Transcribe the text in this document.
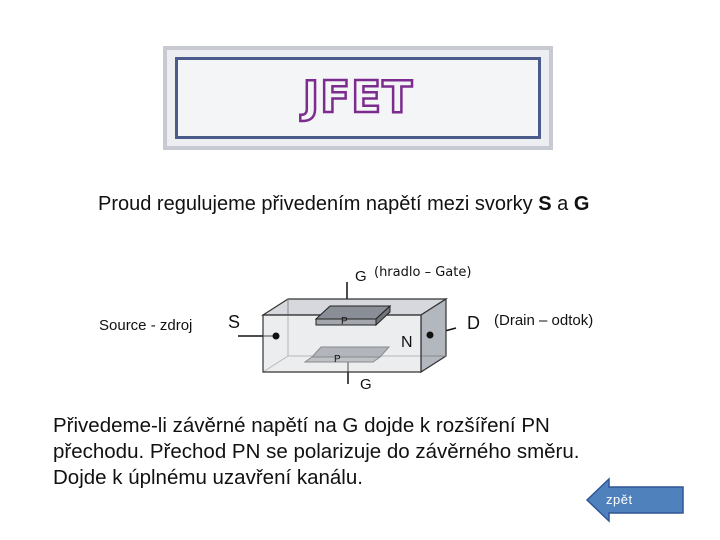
JFET
Proud regulujeme přivedením napětí mezi svorky S a G
G (hradlo – Gate)
Source - zdroj S	D (Drain – odtok)
N
P
P
G
Přivedeme-li závěrné napětí na G dojde k rozšíření PN
přechodu. Přechod PN se polarizuje do závěrného směru.
Dojde k úplnému uzavření kanálu.
zpět
